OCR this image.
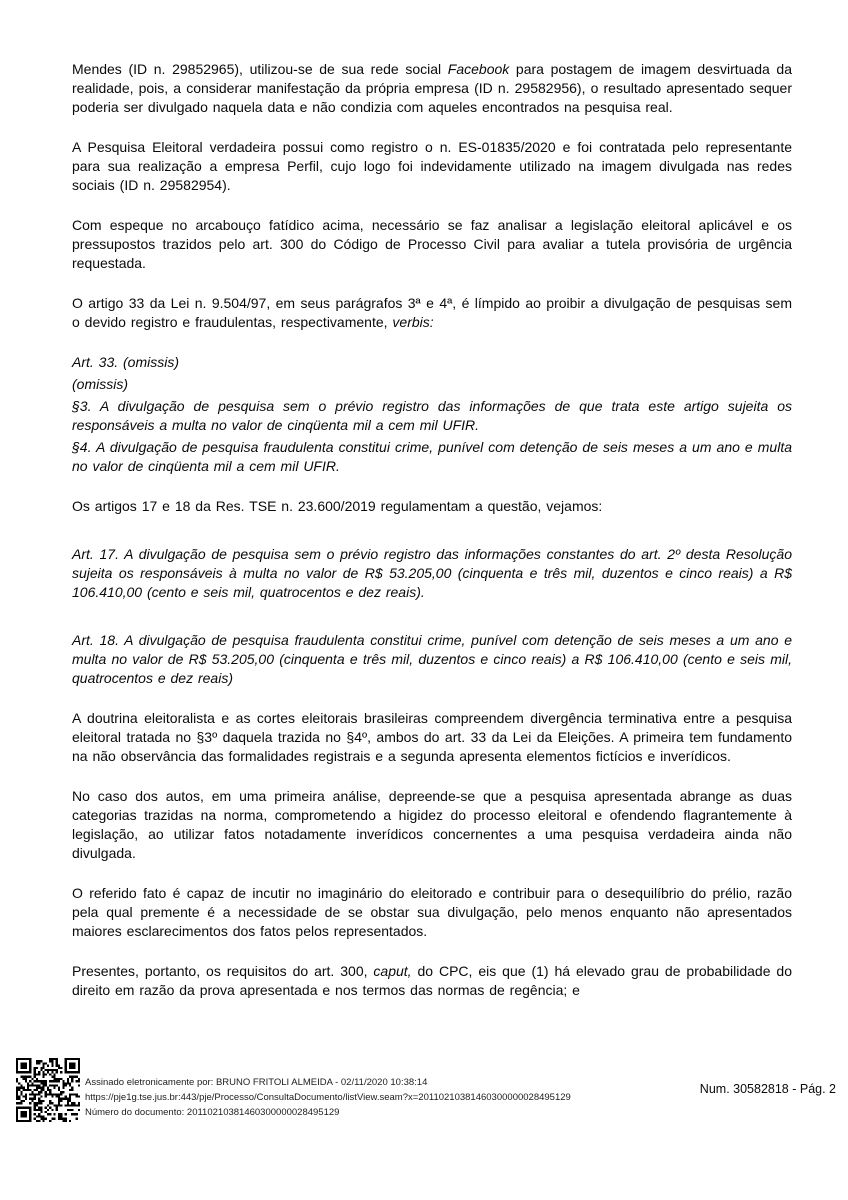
Mendes (ID n. 29852965), utilizou-se de sua rede social Facebook para postagem de imagem desvirtuada da realidade, pois, a considerar manifestação da própria empresa (ID n. 29582956), o resultado apresentado sequer poderia ser divulgado naquela data e não condizia com aqueles encontrados na pesquisa real.

A Pesquisa Eleitoral verdadeira possui como registro o n. ES-01835/2020 e foi contratada pelo representante para sua realização a empresa Perfil, cujo logo foi indevidamente utilizado na imagem divulgada nas redes sociais (ID n. 29582954).

Com espeque no arcabouço fatídico acima, necessário se faz analisar a legislação eleitoral aplicável e os pressupostos trazidos pelo art. 300 do Código de Processo Civil para avaliar a tutela provisória de urgência requestada.

O artigo 33 da Lei n. 9.504/97, em seus parágrafos 3ª e 4ª, é límpido ao proibir a divulgação de pesquisas sem o devido registro e fraudulentas, respectivamente, verbis:

Art. 33. (omissis)

(omissis)

§3. A divulgação de pesquisa sem o prévio registro das informações de que trata este artigo sujeita os responsáveis a multa no valor de cinqüenta mil a cem mil UFIR.

§4. A divulgação de pesquisa fraudulenta constitui crime, punível com detenção de seis meses a um ano e multa no valor de cinqüenta mil a cem mil UFIR.

Os artigos 17 e 18 da Res. TSE n. 23.600/2019 regulamentam a questão, vejamos:

Art. 17. A divulgação de pesquisa sem o prévio registro das informações constantes do art. 2º desta Resolução sujeita os responsáveis à multa no valor de R$ 53.205,00 (cinquenta e três mil, duzentos e cinco reais) a R$ 106.410,00 (cento e seis mil, quatrocentos e dez reais).

Art. 18. A divulgação de pesquisa fraudulenta constitui crime, punível com detenção de seis meses a um ano e multa no valor de R$ 53.205,00 (cinquenta e três mil, duzentos e cinco reais) a R$ 106.410,00 (cento e seis mil, quatrocentos e dez reais)

A doutrina eleitoralista e as cortes eleitorais brasileiras compreendem divergência terminativa entre a pesquisa eleitoral tratada no §3º daquela trazida no §4º, ambos do art. 33 da Lei da Eleições. A primeira tem fundamento na não observância das formalidades registrais e a segunda apresenta elementos fictícios e inverídicos.

No caso dos autos, em uma primeira análise, depreende-se que a pesquisa apresentada abrange as duas categorias trazidas na norma, comprometendo a higidez do processo eleitoral e ofendendo flagrantemente à legislação, ao utilizar fatos notadamente inverídicos concernentes a uma pesquisa verdadeira ainda não divulgada.

O referido fato é capaz de incutir no imaginário do eleitorado e contribuir para o desequilíbrio do prélio, razão pela qual premente é a necessidade de se obstar sua divulgação, pelo menos enquanto não apresentados maiores esclarecimentos dos fatos pelos representados.

Presentes, portanto, os requisitos do art. 300, caput, do CPC, eis que (1) há elevado grau de probabilidade do direito em razão da prova apresentada e nos termos das normas de regência; e

Assinado eletronicamente por: BRUNO FRITOLI ALMEIDA - 02/11/2020 10:38:14
https://pje1g.tse.jus.br:443/pje/Processo/ConsultaDocumento/listView.seam?x=20110210381460300000028495129
Número do documento: 20110210381460300000028495129
Num. 30582818 - Pág. 2
